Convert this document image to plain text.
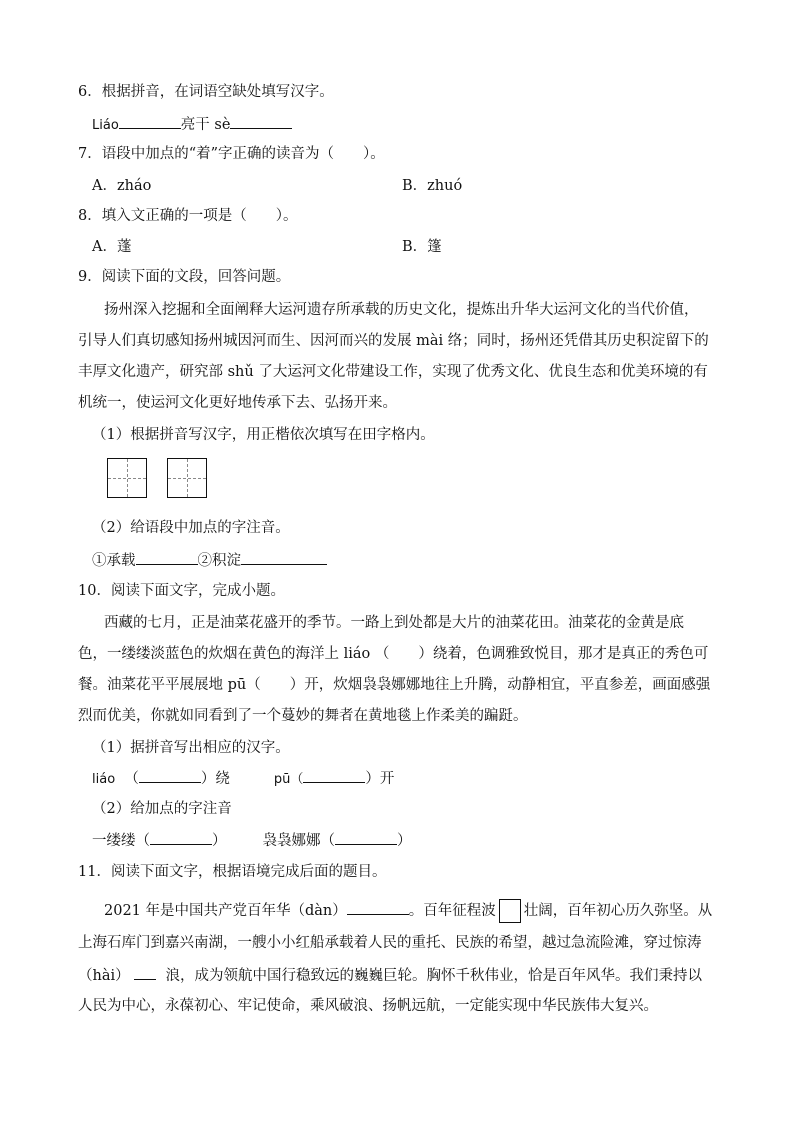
6．根据拼音，在词语空缺处填写汉字。
Liáo	亮干 sè
7．语段中加点的“着”字正确的读音为（　　）。
A．zháo	B．zhuó
8．填入文正确的一项是（　　）。
A．蓬	B．篷
9．阅读下面的文段，回答问题。
扬州深入挖掘和全面阐释大运河遗存所承载的历史文化，提炼出升华大运河文化的当代价值，
引导人们真切感知扬州城因河而生、因河而兴的发展 mài 络；同时，扬州还凭借其历史积淀留下的
丰厚文化遗产，研究部 shǔ 了大运河文化带建设工作，实现了优秀文化、优良生态和优美环境的有
机统一，使运河文化更好地传承下去、弘扬开来。
（1）根据拼音写汉字，用正楷依次填写在田字格内。
（2）给语段中加点的字注音。
①承载	②积淀
10．阅读下面文字，完成小题。
西藏的七月，正是油菜花盛开的季节。一路上到处都是大片的油菜花田。油菜花的金黄是底
色，一缕缕淡蓝色的炊烟在黄色的海洋上 liáo （　　）绕着，色调雅致悦目，那才是真正的秀色可
餐。油菜花平平展展地 pū（　　）开，炊烟袅袅娜娜地往上升腾，动静相宜，平直参差，画面感强
烈而优美，你就如同看到了一个蔓妙的舞者在黄地毯上作柔美的蹁跹。
（1）据拼音写出相应的汉字。
liáo （	）绕	pū（	）开
（2）给加点的字注音
一缕缕（	） 袅袅娜娜（	）
11．阅读下面文字，根据语境完成后面的题目。
2021 年是中国共产党百年华（dàn）	。百年征程波 壮阔，百年初心历久弥坚。从
上海石库门到嘉兴南湖，一艘小小红船承载着人民的重托、民族的希望，越过急流险滩，穿过惊涛
（hài） 浪，成为领航中国行稳致远的巍巍巨轮。胸怀千秋伟业，恰是百年风华。我们秉持以
人民为中心，永葆初心、牢记使命，乘风破浪、扬帆远航，一定能实现中华民族伟大复兴。
